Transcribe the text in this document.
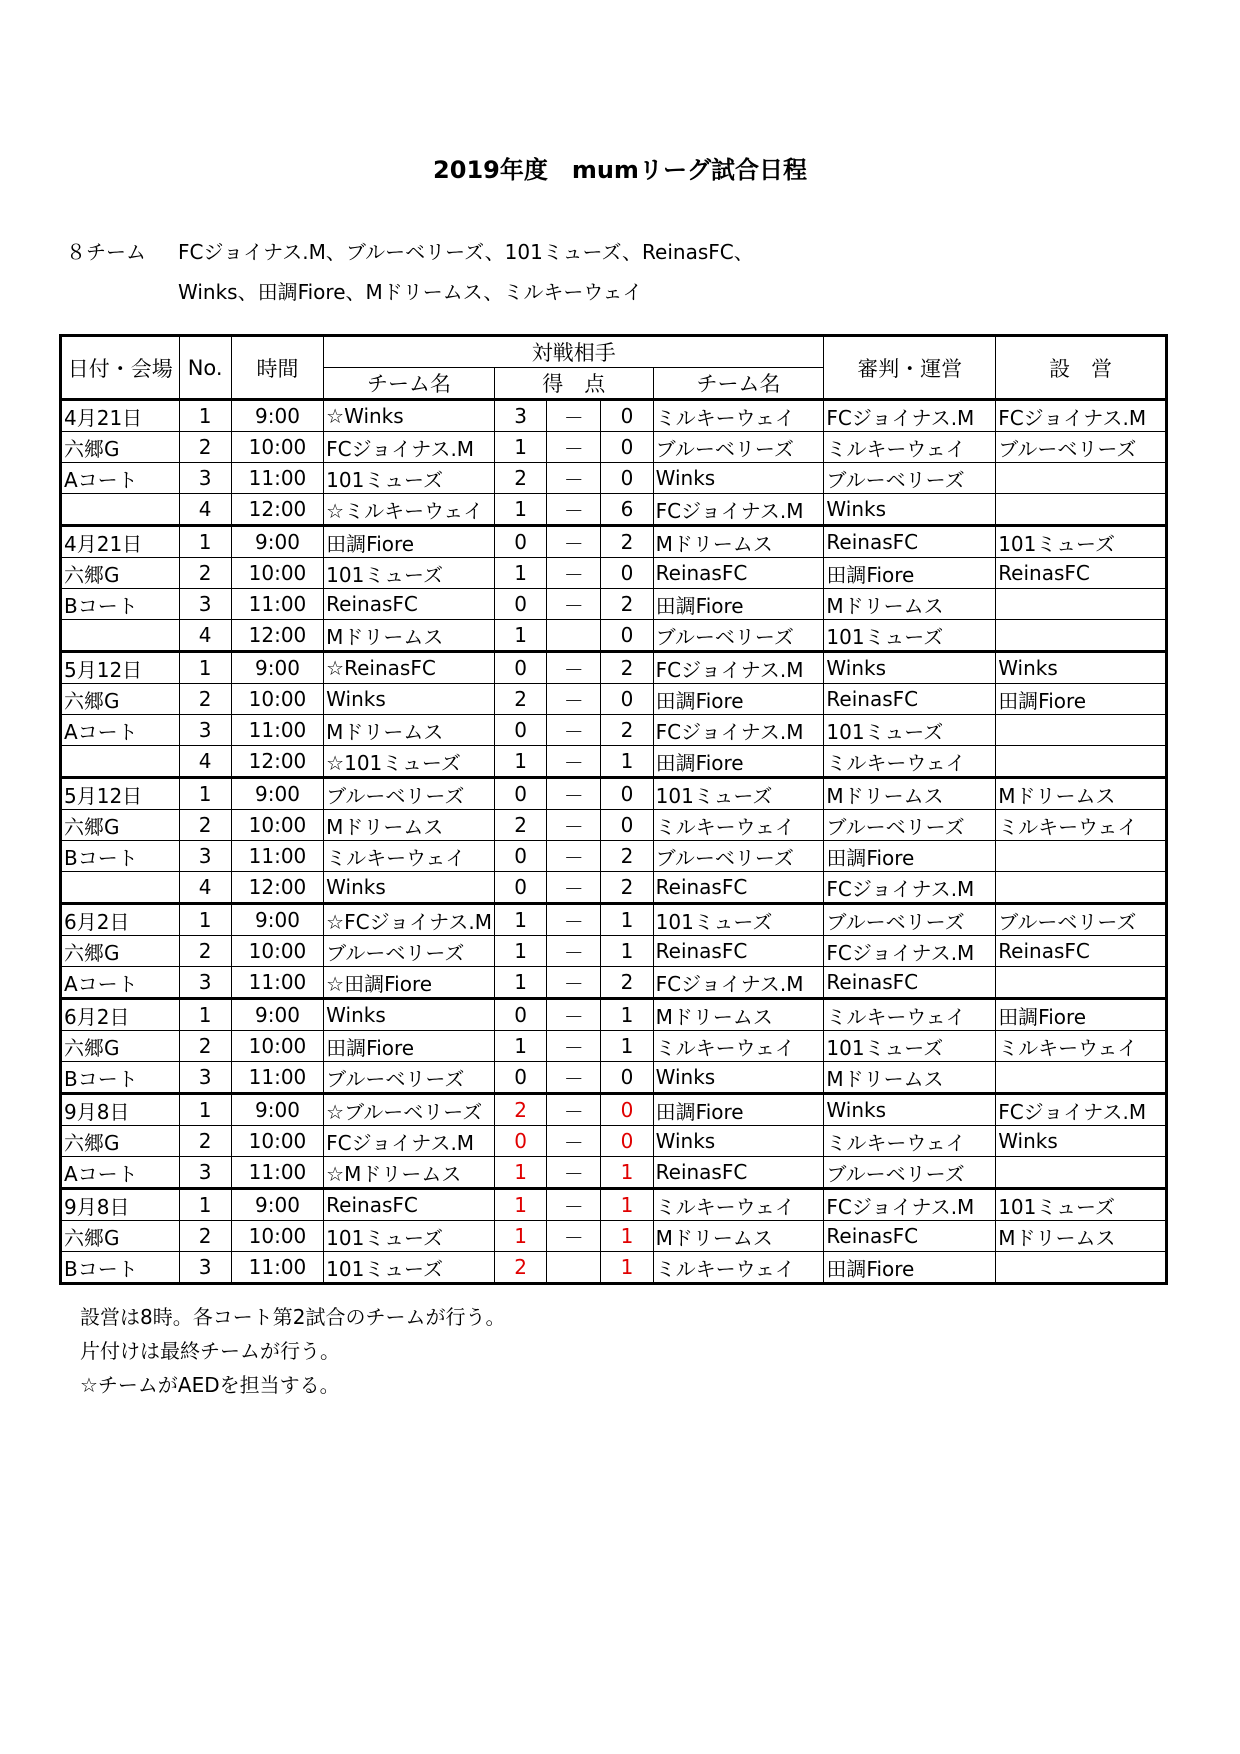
2019年度　mumリーグ試合日程
８チーム FCジョイナス.M、ブルーベリーズ、101ミューズ、ReinasFC、
Winks、田調Fiore、Mドリームス、ミルキーウェイ
日付・会場	No.	時間	対戦相手					審判・運営	設　営
			チーム名	得　点			チーム名		
4月21日	1	9:00	☆Winks	3	－	0	ミルキーウェイ	FCジョイナス.M	FCジョイナス.M
六郷G	2	10:00	FCジョイナス.M	1	－	0	ブルーベリーズ	ミルキーウェイ	ブルーベリーズ
Aコート	3	11:00	101ミューズ	2	－	0	Winks	ブルーベリーズ	
	4	12:00	☆ミルキーウェイ	1	－	6	FCジョイナス.M	Winks	
4月21日	1	9:00	田調Fiore	0	－	2	Mドリームス	ReinasFC	101ミューズ
六郷G	2	10:00	101ミューズ	1	－	0	ReinasFC	田調Fiore	ReinasFC
Bコート	3	11:00	ReinasFC	0	－	2	田調Fiore	Mドリームス	
	4	12:00	Mドリームス	1		0	ブルーベリーズ	101ミューズ	
5月12日	1	9:00	☆ReinasFC	0	－	2	FCジョイナス.M	Winks	Winks
六郷G	2	10:00	Winks	2	－	0	田調Fiore	ReinasFC	田調Fiore
Aコート	3	11:00	Mドリームス	0	－	2	FCジョイナス.M	101ミューズ	
	4	12:00	☆101ミューズ	1	－	1	田調Fiore	ミルキーウェイ	
5月12日	1	9:00	ブルーベリーズ	0	－	0	101ミューズ	Mドリームス	Mドリームス
六郷G	2	10:00	Mドリームス	2	－	0	ミルキーウェイ	ブルーベリーズ	ミルキーウェイ
Bコート	3	11:00	ミルキーウェイ	0	－	2	ブルーベリーズ	田調Fiore	
	4	12:00	Winks	0	－	2	ReinasFC	FCジョイナス.M	
6月2日	1	9:00	☆FCジョイナス.M	1	－	1	101ミューズ	ブルーベリーズ	ブルーベリーズ
六郷G	2	10:00	ブルーベリーズ	1	－	1	ReinasFC	FCジョイナス.M	ReinasFC
Aコート	3	11:00	☆田調Fiore	1	－	2	FCジョイナス.M	ReinasFC	
6月2日	1	9:00	Winks	0	－	1	Mドリームス	ミルキーウェイ	田調Fiore
六郷G	2	10:00	田調Fiore	1	－	1	ミルキーウェイ	101ミューズ	ミルキーウェイ
Bコート	3	11:00	ブルーベリーズ	0	－	0	Winks	Mドリームス	
9月8日	1	9:00	☆ブルーベリーズ	2	－	0	田調Fiore	Winks	FCジョイナス.M
六郷G	2	10:00	FCジョイナス.M	0	－	0	Winks	ミルキーウェイ	Winks
Aコート	3	11:00	☆Mドリームス	1	－	1	ReinasFC	ブルーベリーズ	
9月8日	1	9:00	ReinasFC	1	－	1	ミルキーウェイ	FCジョイナス.M	101ミューズ
六郷G	2	10:00	101ミューズ	1	－	1	Mドリームス	ReinasFC	Mドリームス
Bコート	3	11:00	101ミューズ	2		1	ミルキーウェイ	田調Fiore	
設営は8時。各コート第2試合のチームが行う。
片付けは最終チームが行う。
☆チームがAEDを担当する。
